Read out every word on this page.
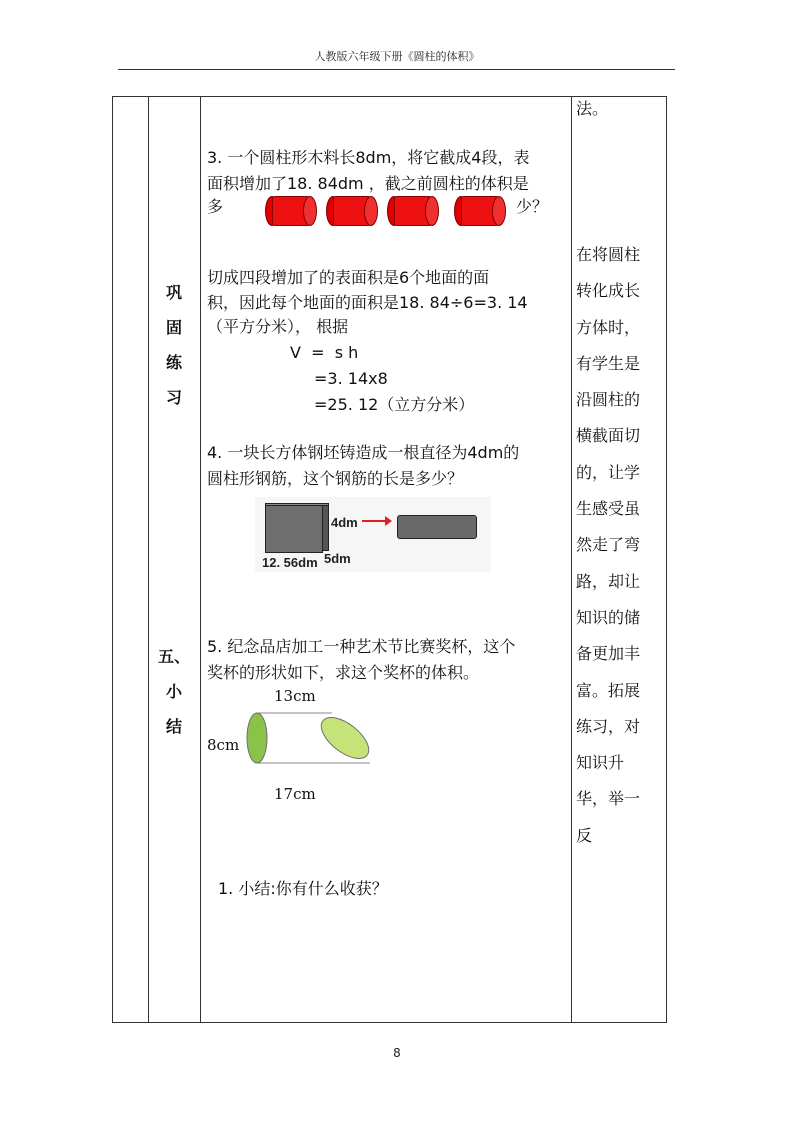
人教版六年级下册《圆柱的体积》
巩
固
练
习
五、
小
结
3. 一个圆柱形木料长8dm，将它截成4段，表
面积增加了18. 84dm ，截之前圆柱的体积是
多	少？
切成四段增加了的表面积是6个地面的面
积，因此每个地面的面积是18. 84÷6=3. 14
（平方分米）， 根据
V  =  s h
=3. 14x8
=25. 12（立方分米）
4. 一块长方体钢坯铸造成一根直径为4dm的
圆柱形钢筋，这个钢筋的长是多少？
4dm
5dm
12. 56dm
5. 纪念品店加工一种艺术节比赛奖杯，这个
奖杯的形状如下，求这个奖杯的体积。
13cm
8cm
17cm
1. 小结:你有什么收获？
法。
在将圆柱
转化成长
方体时，
有学生是
沿圆柱的
横截面切
的，让学
生感受虽
然走了弯
路，却让
知识的储
备更加丰
富。拓展
练习，对
知识升
华，举一
反
8
